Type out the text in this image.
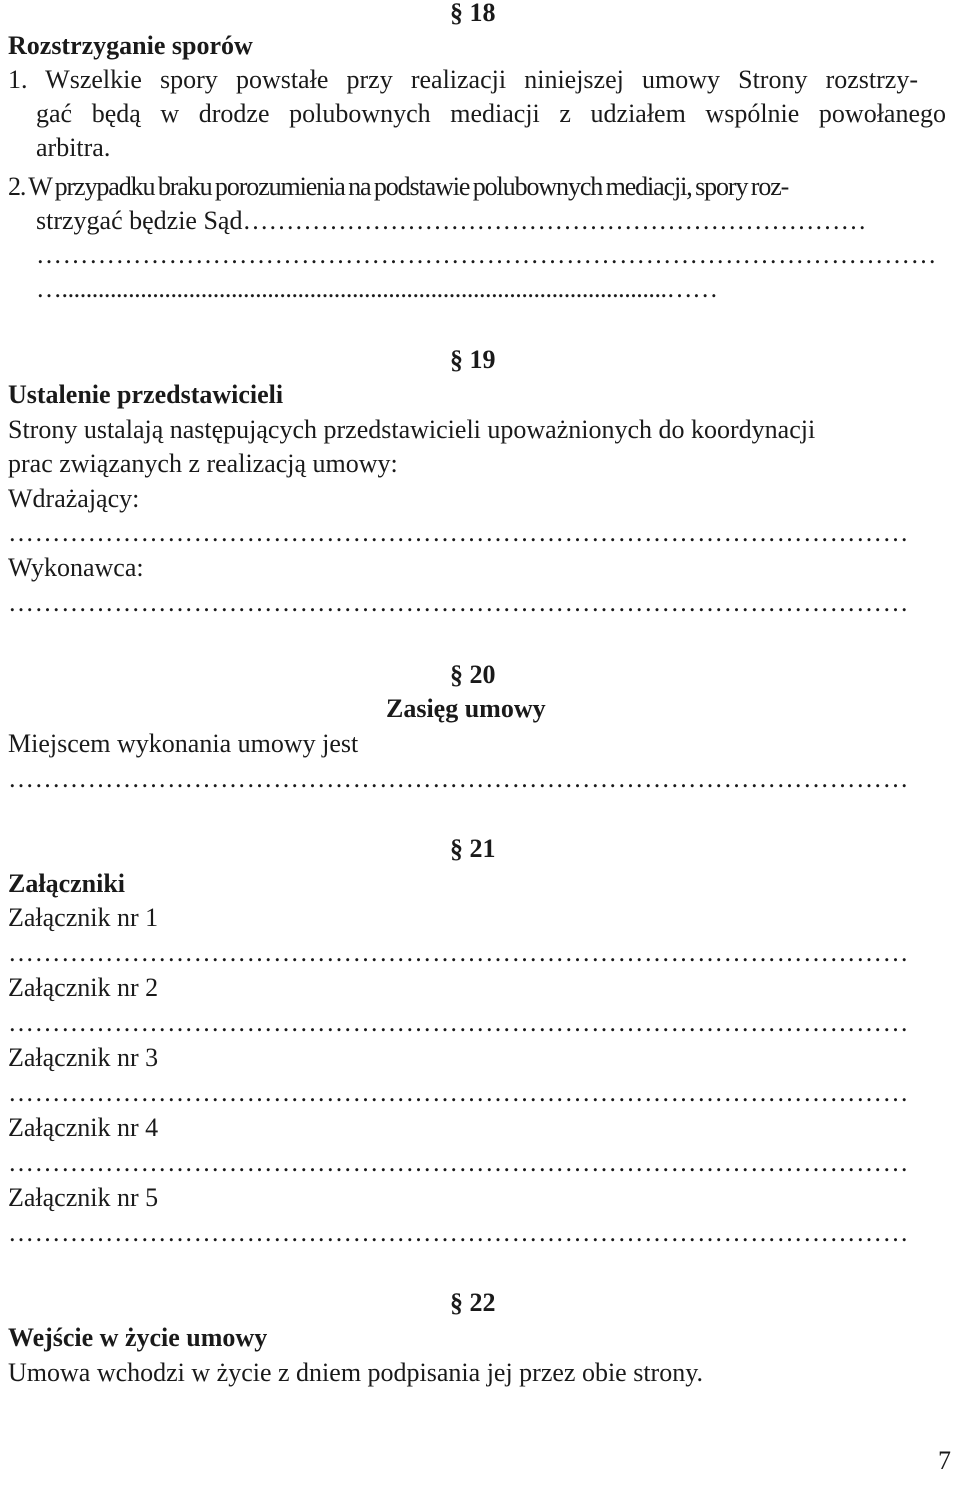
§ 18
Rozstrzyganie sporów
1. Wszelkie spory powstałe przy realizacji niniejszej umowy Strony rozstrzy-
gać będą w drodze polubownych mediacji z udziałem wspólnie powołanego
arbitra.
2. W przypadku braku porozumienia na podstawie polubownych mediacji, spory roz-
strzygać będzie Sąd………………………………………………………………
…………………………………………………………………………………………
…....................................................................................................……
§ 19
Ustalenie przedstawicieli
Strony ustalają następujących przedstawicieli upoważnionych do koordynacji
prac związanych z realizacją umowy:
Wdrażający:
…………………………………………………………………………………………
Wykonawca:
…………………………………………………………………………………………
§ 20
Zasięg umowy
Miejscem wykonania umowy jest
…………………………………………………………………………………………
§ 21
Załączniki
Załącznik nr 1
…………………………………………………………………………………………
Załącznik nr 2
…………………………………………………………………………………………
Załącznik nr 3
…………………………………………………………………………………………
Załącznik nr 4
…………………………………………………………………………………………
Załącznik nr 5
…………………………………………………………………………………………
§ 22
Wejście w życie umowy
Umowa wchodzi w życie z dniem podpisania jej przez obie strony.
7
